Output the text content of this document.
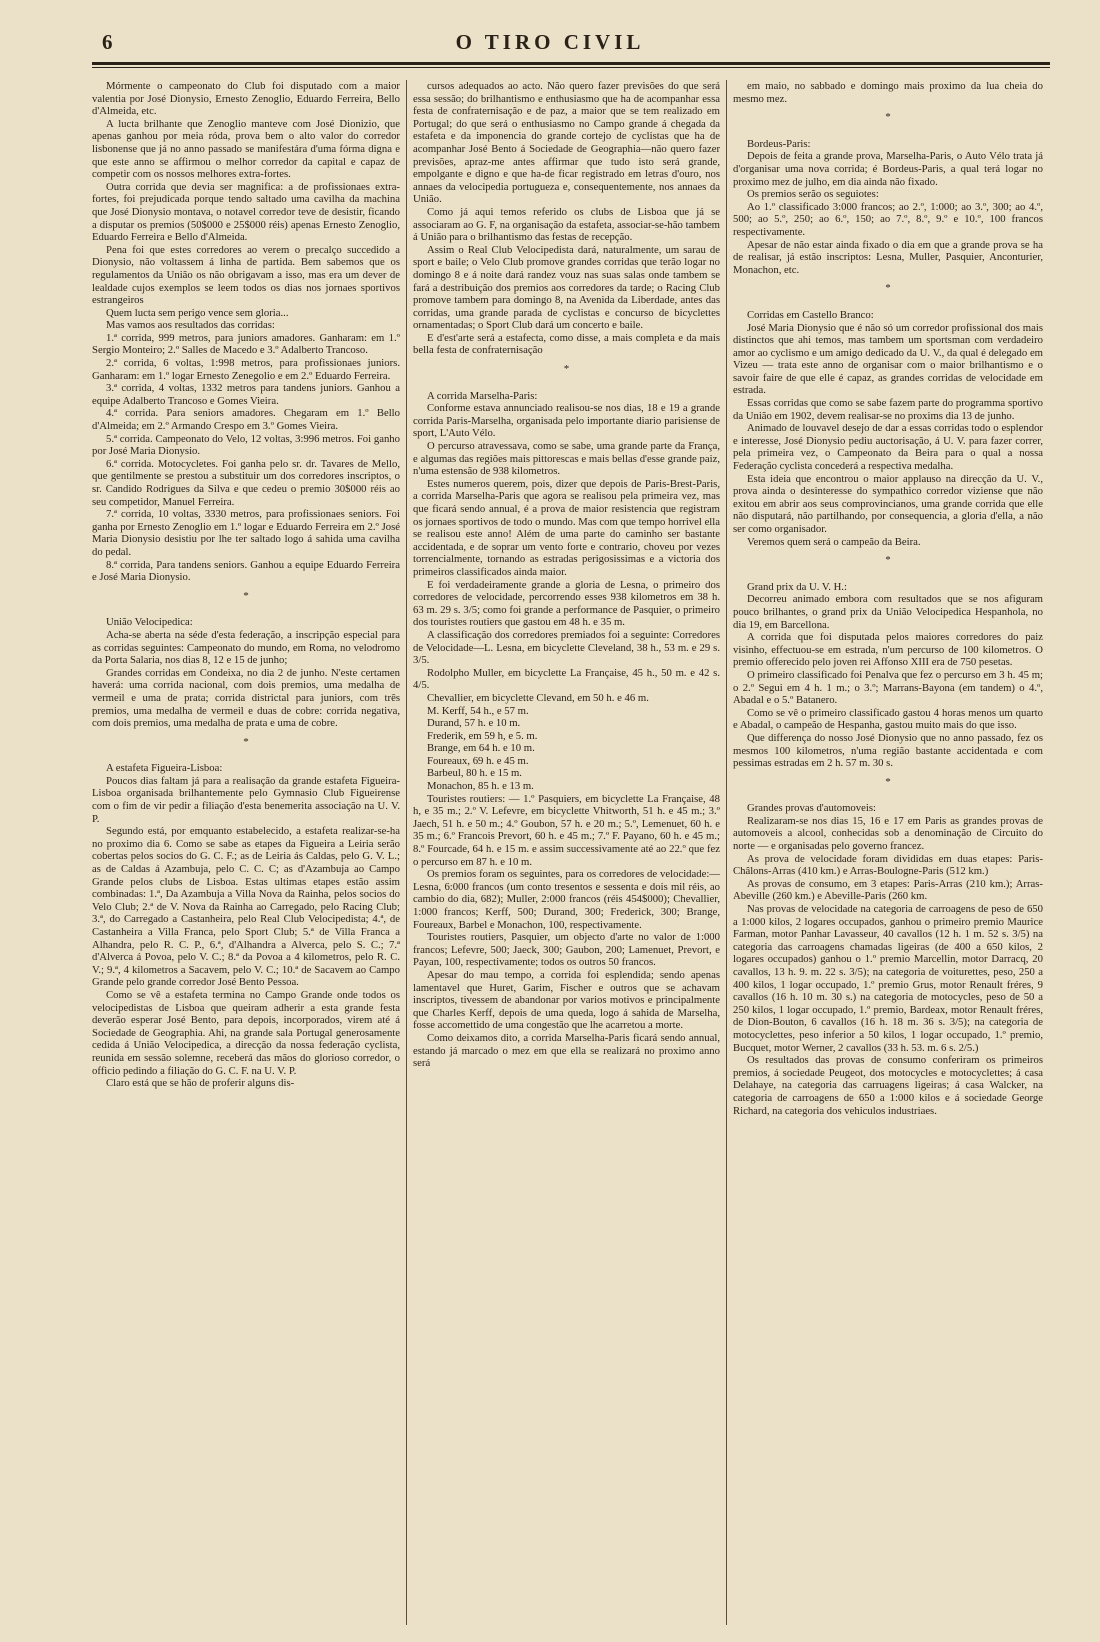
6	O TIRO CIVIL

Mórmente o campeonato do Club foi disputado com a maior valentia por José Dionysio, Ernesto Zenoglio, Eduardo Ferreira, Bello d'Almeida, etc.

A lucta brilhante que Zenoglio manteve com José Dionizio, que apenas ganhou por meia róda, prova bem o alto valor do corredor lisbonense que já no anno passado se manifestára d'uma fórma digna e que este anno se affirmou o melhor corredor da capital e capaz de competir com os nossos melhores extra-fortes.

Outra corrida que devia ser magnifica: a de profissionaes extra-fortes, foi prejudicada porque tendo saltado uma cavilha da machina que José Dionysio montava, o notavel corredor teve de desistir, ficando a disputar os premios (50$000 e 25$000 réis) apenas Ernesto Zenoglio, Eduardo Ferreira e Bello d'Almeida.

Pena foi que estes corredores ao verem o precalço succedido a Dionysio, não voltassem á linha de partida. Bem sabemos que os regulamentos da União os não obrigavam a isso, mas era um dever de lealdade cujos exemplos se leem todos os dias nos jornaes sportivos estrangeiros

Quem lucta sem perigo vence sem gloria...

Mas vamos aos resultados das corridas:

1.ª corrida, 999 metros, para juniors amadores. Ganharam: em 1.º Sergio Monteiro; 2.º Salles de Macedo e 3.º Adalberto Trancoso.

2.ª corrida, 6 voltas, 1:998 metros, para profissionaes juniors. Ganharam: em 1.º logar Ernesto Zenegolio e em 2.º Eduardo Ferreira.

3.ª corrida, 4 voltas, 1332 metros para tandens juniors. Ganhou a equipe Adalberto Trancoso e Gomes Vieira.

4.ª corrida. Para seniors amadores. Chegaram em 1.º Bello d'Almeida; em 2.º Armando Crespo em 3.º Gomes Vieira.

5.ª corrida. Campeonato do Velo, 12 voltas, 3:996 metros. Foi ganho por José Maria Dionysio.

6.ª corrida. Motocycletes. Foi ganha pelo sr. dr. Tavares de Mello, que gentilmente se prestou a substituir um dos corredores inscriptos, o sr. Candido Rodrigues da Silva e que cedeu o premio 30$000 réis ao seu competidor, Manuel Ferreira.

7.ª corrida, 10 voltas, 3330 metros, para profissionaes seniors. Foi ganha por Ernesto Zenoglio em 1.º logar e Eduardo Ferreira em 2.º José Maria Dionysio desistiu por lhe ter saltado logo á sahida uma cavilha do pedal.

8.ª corrida, Para tandens seniors. Ganhou a equipe Eduardo Ferreira e José Maria Dionysio.

*

União Velocipedica:

Acha-se aberta na séde d'esta federação, a inscripção especial para as corridas seguintes: Campeonato do mundo, em Roma, no velodromo da Porta Salaria, nos dias 8, 12 e 15 de junho;

Grandes corridas em Condeixa, no dia 2 de junho. N'este certamen haverá: uma corrida nacional, com dois premios, uma medalha de vermeil e uma de prata; corrida districtal para juniors, com três premios, uma medalha de vermeil e duas de cobre: corrida negativa, com dois premios, uma medalha de prata e uma de cobre.

*

A estafeta Figueira-Lisboa:

Poucos dias faltam já para a realisação da grande estafeta Figueira-Lisboa organisada brilhantemente pelo Gymnasio Club Figueirense com o fim de vir pedir a filiação d'esta benemerita associação na U. V. P.

Segundo está, por emquanto estabelecido, a estafeta realizar-se-ha no proximo dia 6. Como se sabe as etapes da Figueira a Leiria serão cobertas pelos socios do G. C. F.; as de Leiria ás Caldas, pelo G. V. L.; as de Caldas á Azambuja, pelo C. C. C; as d'Azambuja ao Campo Grande pelos clubs de Lisboa. Estas ultimas etapes estão assim combinadas: 1.ª, Da Azambuja a Villa Nova da Rainha, pelos socios do Velo Club; 2.ª de V. Nova da Rainha ao Carregado, pelo Racing Club; 3.ª, do Carregado a Castanheira, pelo Real Club Velocipedista; 4.ª, de Castanheira a Villa Franca, pelo Sport Club; 5.ª de Villa Franca a Alhandra, pelo R. C. P., 6.ª, d'Alhandra a Alverca, pelo S. C.; 7.ª d'Alverca á Povoa, pelo V. C.; 8.ª da Povoa a 4 kilometros, pelo R. C. V.; 9.ª, 4 kilometros a Sacavem, pelo V. C.; 10.ª de Sacavem ao Campo Grande pelo grande corredor José Bento Pessoa.

Como se vê a estafeta termina no Campo Grande onde todos os velocipedistas de Lisboa que queiram adherir a esta grande festa deverão esperar José Bento, para depois, incorporados, virem até á Sociedade de Geographia. Ahi, na grande sala Portugal generosamente cedida á União Velocipedica, a direcção da nossa federação cyclista, reunida em sessão solemne, receberá das mãos do glorioso corredor, o officio pedindo a filiação do G. C. F. na U. V. P.

Claro está que se hão de proferir alguns dis-

cursos adequados ao acto. Não quero fazer previsões do que será essa sessão; do brilhantismo e enthusiasmo que ha de acompanhar essa festa de confraternisação e de paz, a maior que se tem realizado em Portugal; do que será o enthusiasmo no Campo grande á chegada da estafeta e da imponencia do grande cortejo de cyclistas que ha de acompanhar José Bento á Sociedade de Geographia—não quero fazer previsões, apraz-me antes affirmar que tudo isto será grande, empolgante e digno e que ha-de ficar registrado em letras d'ouro, nos annaes da velocipedia portugueza e, consequentemente, nos annaes da União.

Como já aqui temos referido os clubs de Lisboa que já se associaram ao G. F, na organisação da estafeta, associar-se-hão tambem á União para o brilhantismo das festas de recepção.

Assim o Real Club Velocipedista dará, naturalmente, um sarau de sport e baile; o Velo Club promove grandes corridas que terão logar no domingo 8 e á noite dará randez vouz nas suas salas onde tambem se fará a destribuição dos premios aos corredores da tarde; o Racing Club promove tambem para domingo 8, na Avenida da Liberdade, antes das corridas, uma grande parada de cyclistas e concurso de bicyclettes ornamentadas; o Sport Club dará um concerto e baile.

E d'est'arte será a estafecta, como disse, a mais completa e da mais bella festa de confraternisação

*

A corrida Marselha-Paris:

Conforme estava annunciado realisou-se nos dias, 18 e 19 a grande corrida Paris-Marselha, organisada pelo importante diario parisiense de sport, L'Auto Vélo.

O percurso atravessava, como se sabe, uma grande parte da França, e algumas das regiões mais pittorescas e mais bellas d'esse grande paiz, n'uma estensão de 938 kilometros.

Estes numeros querem, pois, dizer que depois de Paris-Brest-Paris, a corrida Marselha-Paris que agora se realisou pela primeira vez, mas que ficará sendo annual, é a prova de maior resistencia que registram os jornaes sportivos de todo o mundo. Mas com que tempo horrivel ella se realisou este anno! Além de uma parte do caminho ser bastante accidentada, e de soprar um vento forte e contrario, choveu por vezes torrencialmente, tornando as estradas perigosissimas e a victoria dos primeiros classificados ainda maior.

E foi verdadeiramente grande a gloria de Lesna, o primeiro dos corredores de velocidade, percorrendo esses 938 kilometros em 38 h. 63 m. 29 s. 3/5; como foi grande a performance de Pasquier, o primeiro dos touristes routiers que gastou em 48 h. e 35 m.

A classificação dos corredores premiados foi a seguinte: Corredores de Velocidade—L. Lesna, em bicyclette Cleveland, 38 h., 53 m. e 29 s. 3/5.

Rodolpho Muller, em bicyclette La Française, 45 h., 50 m. e 42 s. 4/5.

Chevallier, em bicyclette Clevand, em 50 h. e 46 m.

M. Kerff, 54 h., e 57 m.

Durand, 57 h. e 10 m.

Frederik, em 59 h, e 5. m.

Brange, em 64 h. e 10 m.

Foureaux, 69 h. e 45 m.

Barbeul, 80 h. e 15 m.

Monachon, 85 h. e 13 m.

Touristes routiers: — 1.º Pasquiers, em bicyclette La Française, 48 h, e 35 m.; 2.º V. Lefevre, em bicyclette Vhitworth, 51 h. e 45 m.; 3.º Jaech, 51 h. e 50 m.; 4.º Goubon, 57 h. e 20 m.; 5.º, Lemenuet, 60 h. e 35 m.; 6.º Francois Prevort, 60 h. e 45 m.; 7.º F. Payano, 60 h. e 45 m.; 8.º Fourcade, 64 h. e 15 m. e assim successivamente até ao 22.º que fez o percurso em 87 h. e 10 m.

Os premios foram os seguintes, para os corredores de velocidade:—Lesna, 6:000 francos (um conto tresentos e sessenta e dois mil réis, ao cambio do dia, 682); Muller, 2:000 francos (réis 454$000); Chevallier, 1:000 francos; Kerff, 500; Durand, 300; Frederick, 300; Brange, Foureaux, Barbel e Monachon, 100, respectivamente.

Touristes routiers, Pasquier, um objecto d'arte no valor de 1:000 francos; Lefevre, 500; Jaeck, 300; Gaubon, 200; Lamenuet, Prevort, e Payan, 100, respectivamente; todos os outros 50 francos.

Apesar do mau tempo, a corrida foi esplendida; sendo apenas lamentavel que Huret, Garim, Fischer e outros que se achavam inscriptos, tivessem de abandonar por varios motivos e principalmente que Charles Kerff, depois de uma queda, logo á sahida de Marselha, fosse accomettido de uma congestão que lhe acarretou a morte.

Como deixamos dito, a corrida Marselha-Paris ficará sendo annual, estando já marcado o mez em que ella se realizará no proximo anno será

em maio, no sabbado e domingo mais proximo da lua cheia do mesmo mez.

*

Bordeus-Paris:

Depois de feita a grande prova, Marselha-Paris, o Auto Vélo trata já d'organisar uma nova corrida; é Bordeus-Paris, a qual terá logar no proximo mez de julho, em dia ainda não fixado.

Os premios serão os seguiotes:

Ao 1.º classificado 3:000 francos; ao 2.º, 1:000; ao 3.º, 300; ao 4.º, 500; ao 5.º, 250; ao 6.º, 150; ao 7.º, 8.º, 9.º e 10.º, 100 francos respectivamente.

Apesar de não estar ainda fixado o dia em que a grande prova se ha de realisar, já estão inscriptos: Lesna, Muller, Pasquier, Anconturier, Monachon, etc.

*

Corridas em Castello Branco:

José Maria Dionysio que é não só um corredor profissional dos mais distinctos que ahi temos, mas tambem um sportsman com verdadeiro amor ao cyclismo e um amigo dedicado da U. V., da qual é delegado em Vizeu — trata este anno de organisar com o maior brilhantismo e o savoir faire de que elle é capaz, as grandes corridas de velocidade em estrada.

Essas corridas que como se sabe fazem parte do programma sportivo da União em 1902, devem realisar-se no proxims dia 13 de junho.

Animado de louvavel desejo de dar a essas corridas todo o esplendor e interesse, José Dionysio pediu auctorisação, á U. V. para fazer correr, pela primeira vez, o Campeonato da Beira para o qual a nossa Federação cyclista concederá a respectiva medalha.

Esta ideia que encontrou o maior applauso na direcção da U. V., prova ainda o desinteresse do sympathico corredor viziense que não exitou em abrir aos seus comprovincianos, uma grande corrida que elle não disputará, não partilhando, por consequencia, a gloria d'ella, a não ser como organisador.

Veremos quem será o campeão da Beira.

*

Grand prix da U. V. H.:

Decorreu animado embora com resultados que se nos afiguram pouco brilhantes, o grand prix da União Velocipedica Hespanhola, no dia 19, em Barcellona.

A corrida que foi disputada pelos maiores corredores do paiz visinho, effectuou-se em estrada, n'um percurso de 100 kilometros. O premio offerecido pelo joven rei Affonso XIII era de 750 pesetas.

O primeiro classificado foi Penalva que fez o percurso em 3 h. 45 m; o 2.º Segui em 4 h. 1 m.; o 3.º; Marrans-Bayona (em tandem) o 4.º, Abadal e o 5.º Batanero.

Como se vê o primeiro classificado gastou 4 horas menos um quarto e Abadal, o campeão de Hespanha, gastou muito mais do que isso.

Que differença do nosso José Dionysio que no anno passado, fez os mesmos 100 kilometros, n'uma região bastante accidentada e com pessimas estradas em 2 h. 57 m. 30 s.

*

Grandes provas d'automoveis:

Realizaram-se nos dias 15, 16 e 17 em Paris as grandes provas de automoveis a alcool, conhecidas sob a denominação de Circuito do norte — e organisadas pelo governo francez.

As prova de velocidade foram divididas em duas etapes: Paris-Châlons-Arras (410 km.) e Arras-Boulogne-Paris (512 km.)

As provas de consumo, em 3 etapes: Paris-Arras (210 km.); Arras-Abeville (260 km.) e Abeville-Paris (260 km.

Nas provas de velocidade na categoria de carroagens de peso de 650 a 1:000 kilos, 2 logares occupados, ganhou o primeiro premio Maurice Farman, motor Panhar Lavasseur, 40 cavallos (12 h. 1 m. 52 s. 3/5) na categoria das carroagens chamadas ligeiras (de 400 a 650 kilos, 2 logares occupados) ganhou o 1.º premio Marcellin, motor Darracq, 20 cavallos, 13 h. 9. m. 22 s. 3/5); na categoria de voiturettes, peso, 250 a 400 kilos, 1 logar occupado, 1.º premio Grus, motor Renault fréres, 9 cavallos (16 h. 10 m. 30 s.) na categoria de motocycles, peso de 50 a 250 kilos, 1 logar occupado, 1.º premio, Bardeax, motor Renault fréres, de Dion-Bouton, 6 cavallos (16 h. 18 m. 36 s. 3/5); na categoria de motocyclettes, peso inferior a 50 kilos, 1 logar occupado, 1.º premio, Bucquet, motor Werner, 2 cavallos (33 h. 53. m. 6 s. 2/5.)

Os resultados das provas de consumo conferiram os primeiros premios, á sociedade Peugeot, dos motocycles e motocyclettes; á casa Delahaye, na categoria das carruagens ligeiras; á casa Walcker, na categoria de carroagens de 650 a 1:000 kilos e á sociedade George Richard, na categoria dos vehiculos industriaes.
